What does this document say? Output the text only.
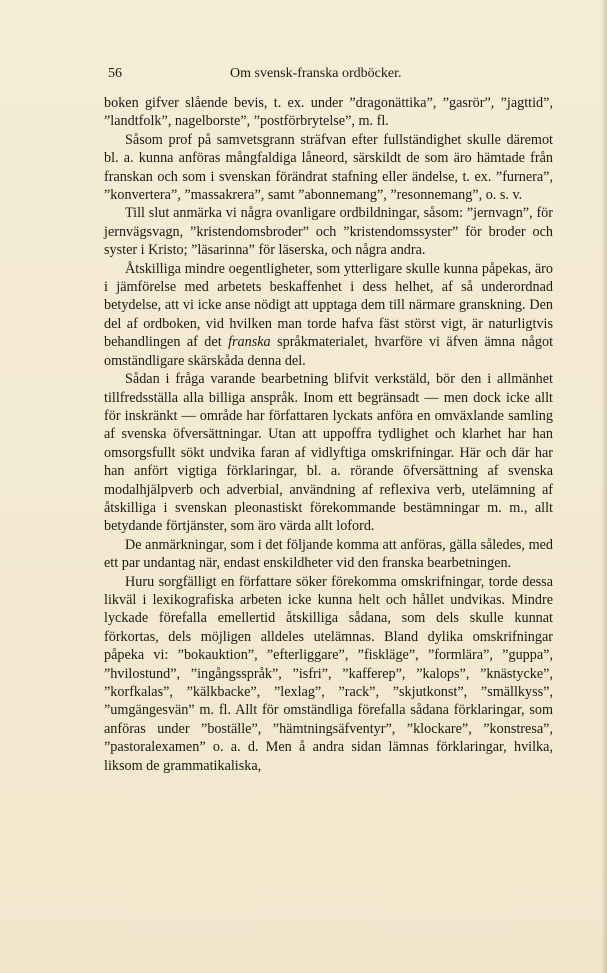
56	Om svensk-franska ordböcker.

boken gifver slående bevis, t. ex. under ”dragonättika”, ”gasrör”, ”jagttid”, ”landtfolk”, nagelborste”, ”postförbrytelse”, m. fl.

Såsom prof på samvetsgrann sträfvan efter fullständighet skulle däremot bl. a. kunna anföras mångfaldiga låneord, särskildt de som äro hämtade från franskan och som i svenskan förändrat stafning eller ändelse, t. ex. ”furnera”, ”konvertera”, ”massakrera”, samt ”abonnemang”, ”resonnemang”, o. s. v.

Till slut anmärka vi några ovanligare ordbildningar, såsom: ”jernvagn”, för jernvägsvagn, ”kristendomsbroder” och ”kristendomssyster” för broder och syster i Kristo; ”läsarinna” för läserska, och några andra.

Åtskilliga mindre oegentligheter, som ytterligare skulle kunna påpekas, äro i jämförelse med arbetets beskaffenhet i dess helhet, af så underordnad betydelse, att vi icke anse nödigt att upptaga dem till närmare granskning. Den del af ordboken, vid hvilken man torde hafva fäst störst vigt, är naturligtvis behandlingen af det franska språkmaterialet, hvarföre vi äfven ämna något omständligare skärskåda denna del.

Sådan i fråga varande bearbetning blifvit verkstäld, bör den i allmänhet tillfredsställa alla billiga anspråk. Inom ett begränsadt — men dock icke allt för inskränkt — område har författaren lyckats anföra en omväxlande samling af svenska öfversättningar. Utan att uppoffra tydlighet och klarhet har han omsorgsfullt sökt undvika faran af vidlyftiga omskrifningar. Här och där har han anfört vigtiga förklaringar, bl. a. rörande öfversättning af svenska modalhjälpverb och adverbial, användning af reflexiva verb, utelämning af åtskilliga i svenskan pleonastiskt förekommande bestämningar m. m., allt betydande förtjänster, som äro värda allt loford.

De anmärkningar, som i det följande komma att anföras, gälla således, med ett par undantag när, endast enskildheter vid den franska bearbetningen.

Huru sorgfälligt en författare söker förekomma omskrifningar, torde dessa likväl i lexikografiska arbeten icke kunna helt och hållet undvikas. Mindre lyckade förefalla emellertid åtskilliga sådana, som dels skulle kunnat förkortas, dels möjligen alldeles utelämnas. Bland dylika omskrifningar påpeka vi: ”bokauktion”, ”efterliggare”, ”fiskläge”, ”formlära”, ”guppa”, ”hvilostund”, ”ingångsspråk”, ”isfri”, ”kafferep”, ”kalops”, ”knästycke”, ”korfkalas”, ”kälkbacke”, ”lexlag”, ”rack”, ”skjutkonst”, ”smällkyss”, ”umgängesvän” m. fl. Allt för omständliga förefalla sådana förklaringar, som anföras under ”boställe”, ”hämtningsäfventyr”, ”klockare”, ”konstresa”, ”pastoralexamen” o. a. d. Men å andra sidan lämnas förklaringar, hvilka, liksom de grammatikaliska,
